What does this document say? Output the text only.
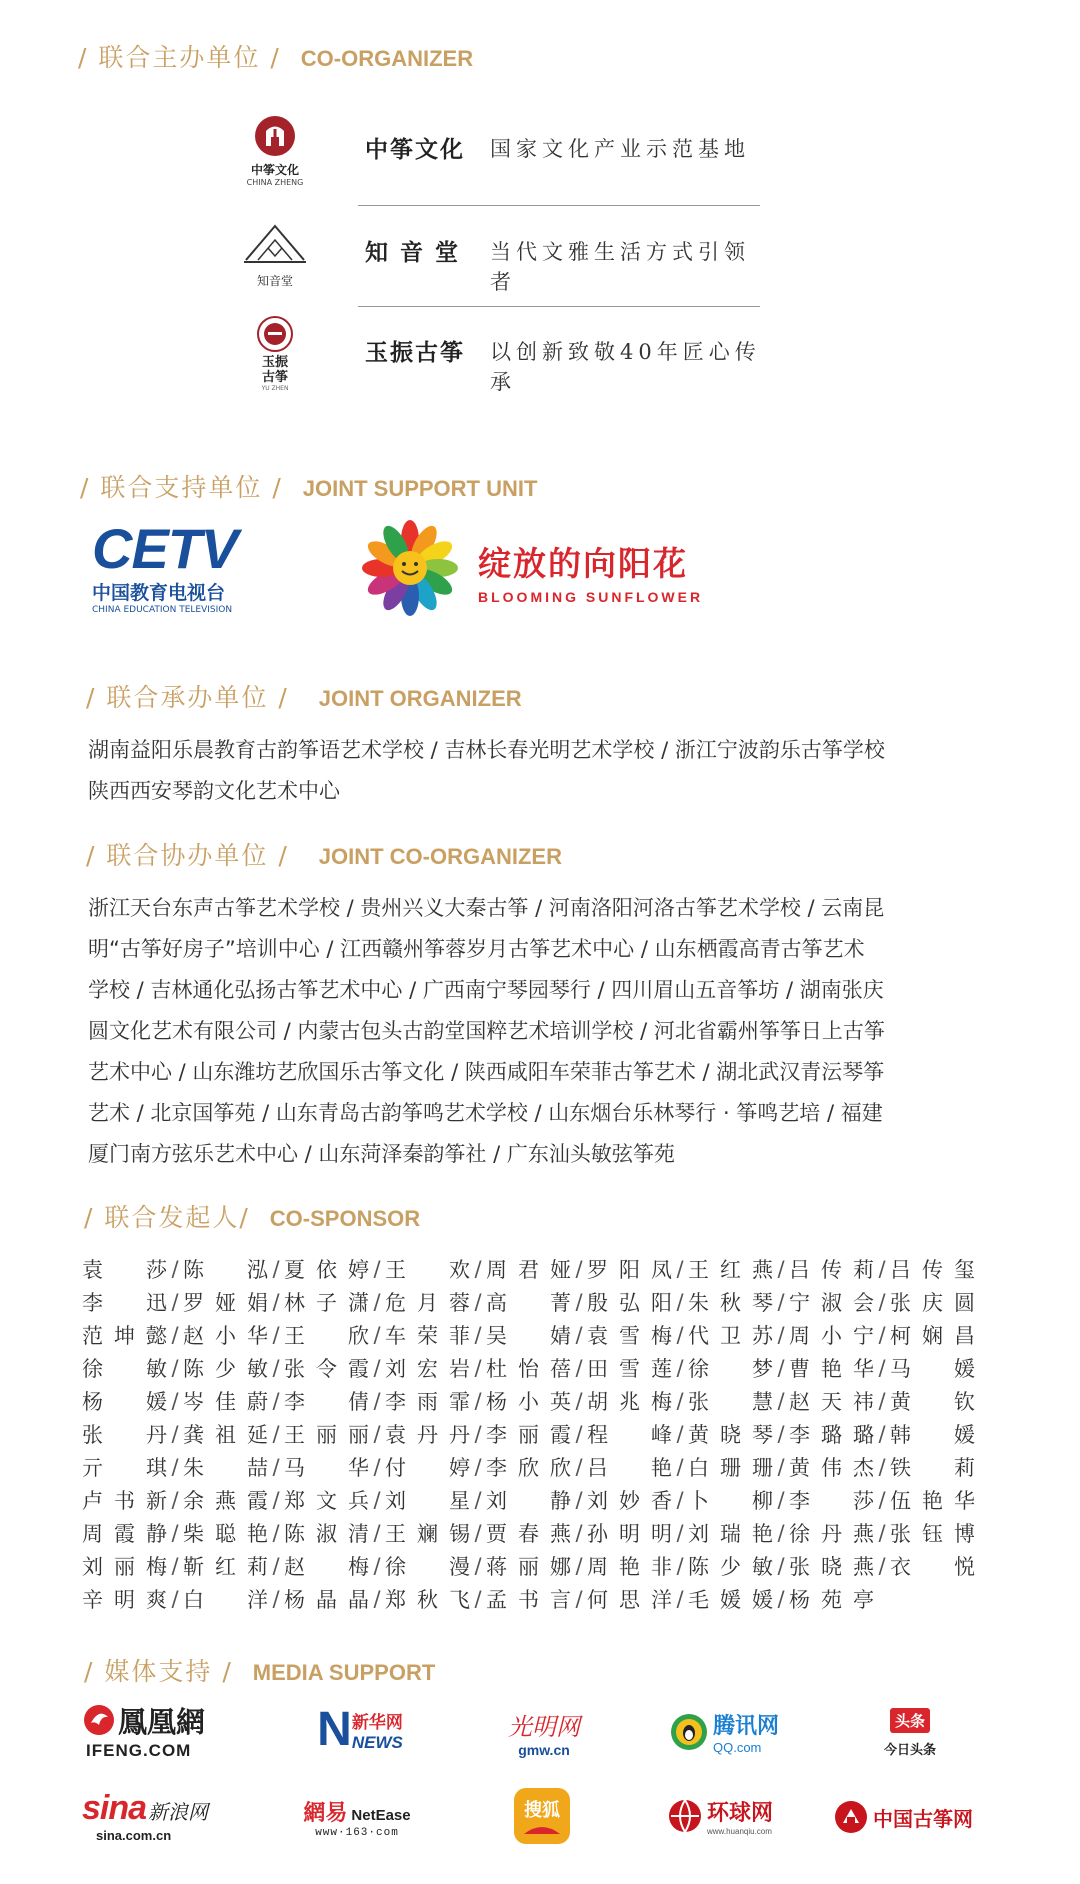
/ 联合主办单位 / CO-ORGANIZER
中筝文化
CHINA ZHENG
中筝文化 国家文化产业示范基地
知音堂
知 音 堂 当代文雅生活方式引领者
玉振古筝
YU ZHEN
玉振古筝 以创新致敬40年匠心传承
/ 联合支持单位 / JOINT SUPPORT UNIT
CETV
中国教育电视台
CHINA EDUCATION TELEVISION
绽放的向阳花
BLOOMING SUNFLOWER
/ 联合承办单位 / JOINT ORGANIZER
湖南益阳乐晨教育古韵筝语艺术学校 / 吉林长春光明艺术学校 / 浙江宁波韵乐古筝学校
陕西西安琴韵文化艺术中心
/ 联合协办单位 / JOINT CO-ORGANIZER
浙江天台东声古筝艺术学校 / 贵州兴义大秦古筝 / 河南洛阳河洛古筝艺术学校 / 云南昆
明“古筝好房子”培训中心 / 江西赣州筝蓉岁月古筝艺术中心 / 山东栖霞高青古筝艺术
学校 / 吉林通化弘扬古筝艺术中心 / 广西南宁琴园琴行 / 四川眉山五音筝坊 / 湖南张庆
圆文化艺术有限公司 / 内蒙古包头古韵堂国粹艺术培训学校 / 河北省霸州筝筝日上古筝
艺术中心 / 山东潍坊艺欣国乐古筝文化 / 陕西咸阳车荣菲古筝艺术 / 湖北武汉青沄琴筝
艺术 / 北京国筝苑 / 山东青岛古韵筝鸣艺术学校 / 山东烟台乐林琴行 · 筝鸣艺培 / 福建
厦门南方弦乐艺术中心 / 山东菏泽秦韵筝社 / 广东汕头敏弦筝苑
/ 联合发起人/ CO-SPONSOR
袁莎 / 陈泓 / 夏依婷 / 王欢 / 周君娅 / 罗阳凤 / 王红燕 / 吕传莉 / 吕传玺
李迅 / 罗娅娟 / 林子潇 / 危月蓉 / 高菁 / 殷弘阳 / 朱秋琴 / 宁淑会 / 张庆圆
范坤懿 / 赵小华 / 王欣 / 车荣菲 / 吴婧 / 袁雪梅 / 代卫苏 / 周小宁 / 柯娴昌
徐敏 / 陈少敏 / 张令霞 / 刘宏岩 / 杜怡蓓 / 田雪莲 / 徐梦 / 曹艳华 / 马媛
杨媛 / 岑佳蔚 / 李倩 / 李雨霏 / 杨小英 / 胡兆梅 / 张慧 / 赵天祎 / 黄钦
张丹 / 龚祖延 / 王丽丽 / 袁丹丹 / 李丽霞 / 程峰 / 黄晓琴 / 李璐璐 / 韩媛
亓琪 / 朱喆 / 马华 / 付婷 / 李欣欣 / 吕艳 / 白珊珊 / 黄伟杰 / 铁莉
卢书新 / 余燕霞 / 郑文兵 / 刘星 / 刘静 / 刘妙香 / 卜柳 / 李莎 / 伍艳华
周霞静 / 柴聪艳 / 陈淑清 / 王斓锡 / 贾春燕 / 孙明明 / 刘瑞艳 / 徐丹燕 / 张钰博
刘丽梅 / 靳红莉 / 赵梅 / 徐漫 / 蒋丽娜 / 周艳非 / 陈少敏 / 张晓燕 / 衣悦
辛明爽 / 白洋 / 杨晶晶 / 郑秋飞 / 孟书言 / 何思洋 / 毛媛媛 / 杨苑亭
/ 媒体支持 / MEDIA SUPPORT
鳳凰網
IFENG.COM	N 新华网
NEWS
光明网
gmw.cn
腾讯网
QQ.com
头条
今日头条
sina 新浪网
sina.com.cn
網易 NetEase
www·163·com
搜狐	环球网
www.huanqiu.com
中国古筝网
